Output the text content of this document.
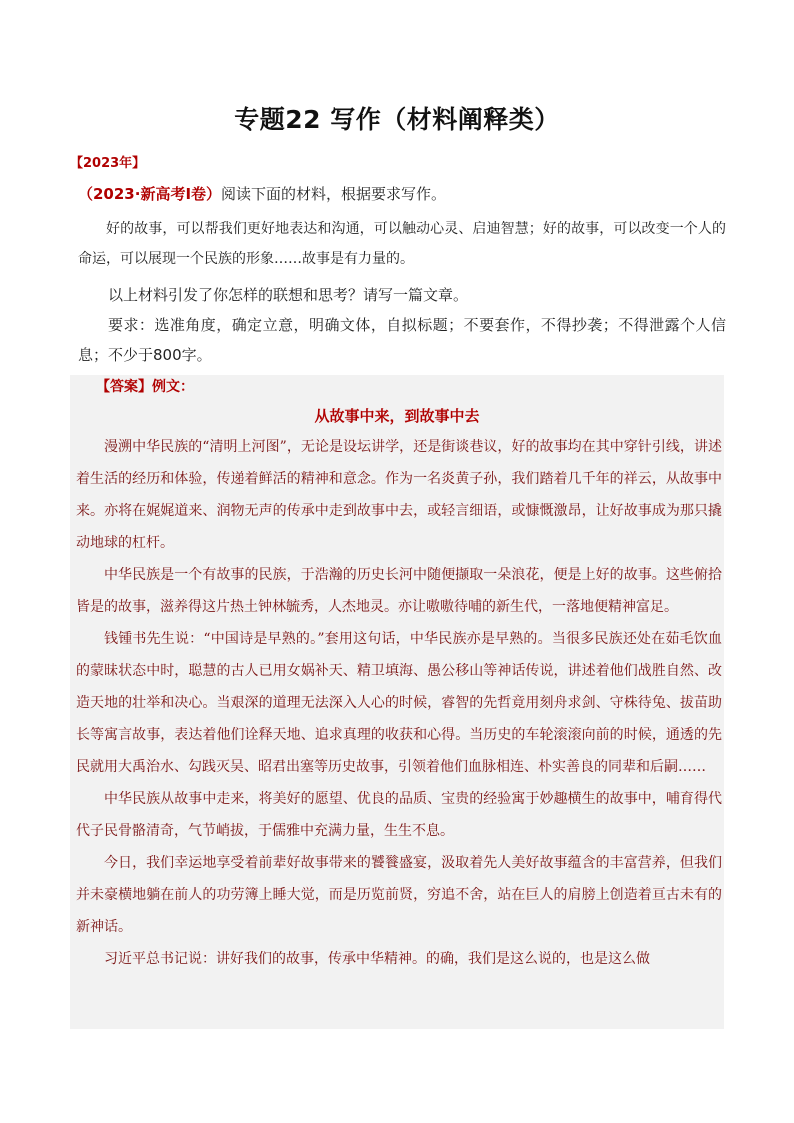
专题22 写作（材料阐释类）
【2023年】
（2023·新高考Ⅰ卷）阅读下面的材料，根据要求写作。
好的故事，可以帮我们更好地表达和沟通，可以触动心灵、启迪智慧；好的故事，可以改变一个人的命运，可以展现一个民族的形象……故事是有力量的。
以上材料引发了你怎样的联想和思考？请写一篇文章。
要求：选准角度，确定立意，明确文体，自拟标题；不要套作，不得抄袭；不得泄露个人信息；不少于800字。
【答案】例文：
从故事中来，到故事中去

漫溯中华民族的“清明上河图”，无论是设坛讲学，还是街谈巷议，好的故事均在其中穿针引线，讲述着生活的经历和体验，传递着鲜活的精神和意念。作为一名炎黄子孙，我们踏着几千年的祥云，从故事中来。亦将在娓娓道来、润物无声的传承中走到故事中去，或轻言细语，或慷慨激昂，让好故事成为那只撬动地球的杠杆。

中华民族是一个有故事的民族，于浩瀚的历史长河中随便撷取一朵浪花，便是上好的故事。这些俯拾皆是的故事，滋养得这片热土钟林毓秀，人杰地灵。亦让嗷嗷待哺的新生代，一落地便精神富足。

钱锺书先生说：“中国诗是早熟的。”套用这句话，中华民族亦是早熟的。当很多民族还处在茹毛饮血的蒙昧状态中时，聪慧的古人已用女娲补天、精卫填海、愚公移山等神话传说，讲述着他们战胜自然、改造天地的壮举和决心。当艰深的道理无法深入人心的时候，睿智的先哲竟用刻舟求剑、守株待兔、拔苗助长等寓言故事，表达着他们诠释天地、追求真理的收获和心得。当历史的车轮滚滚向前的时候，通透的先民就用大禹治水、勾践灭吴、昭君出塞等历史故事，引领着他们血脉相连、朴实善良的同辈和后嗣……

中华民族从故事中走来，将美好的愿望、优良的品质、宝贵的经验寓于妙趣横生的故事中，哺育得代代子民骨骼清奇，气节峭拔，于儒雅中充满力量，生生不息。

今日，我们幸运地享受着前辈好故事带来的饕餮盛宴，汲取着先人美好故事蕴含的丰富营养，但我们并未豪横地躺在前人的功劳簿上睡大觉，而是历览前贤，穷追不舍，站在巨人的肩膀上创造着亘古未有的新神话。

习近平总书记说：讲好我们的故事，传承中华精神。的确，我们是这么说的，也是这么做
